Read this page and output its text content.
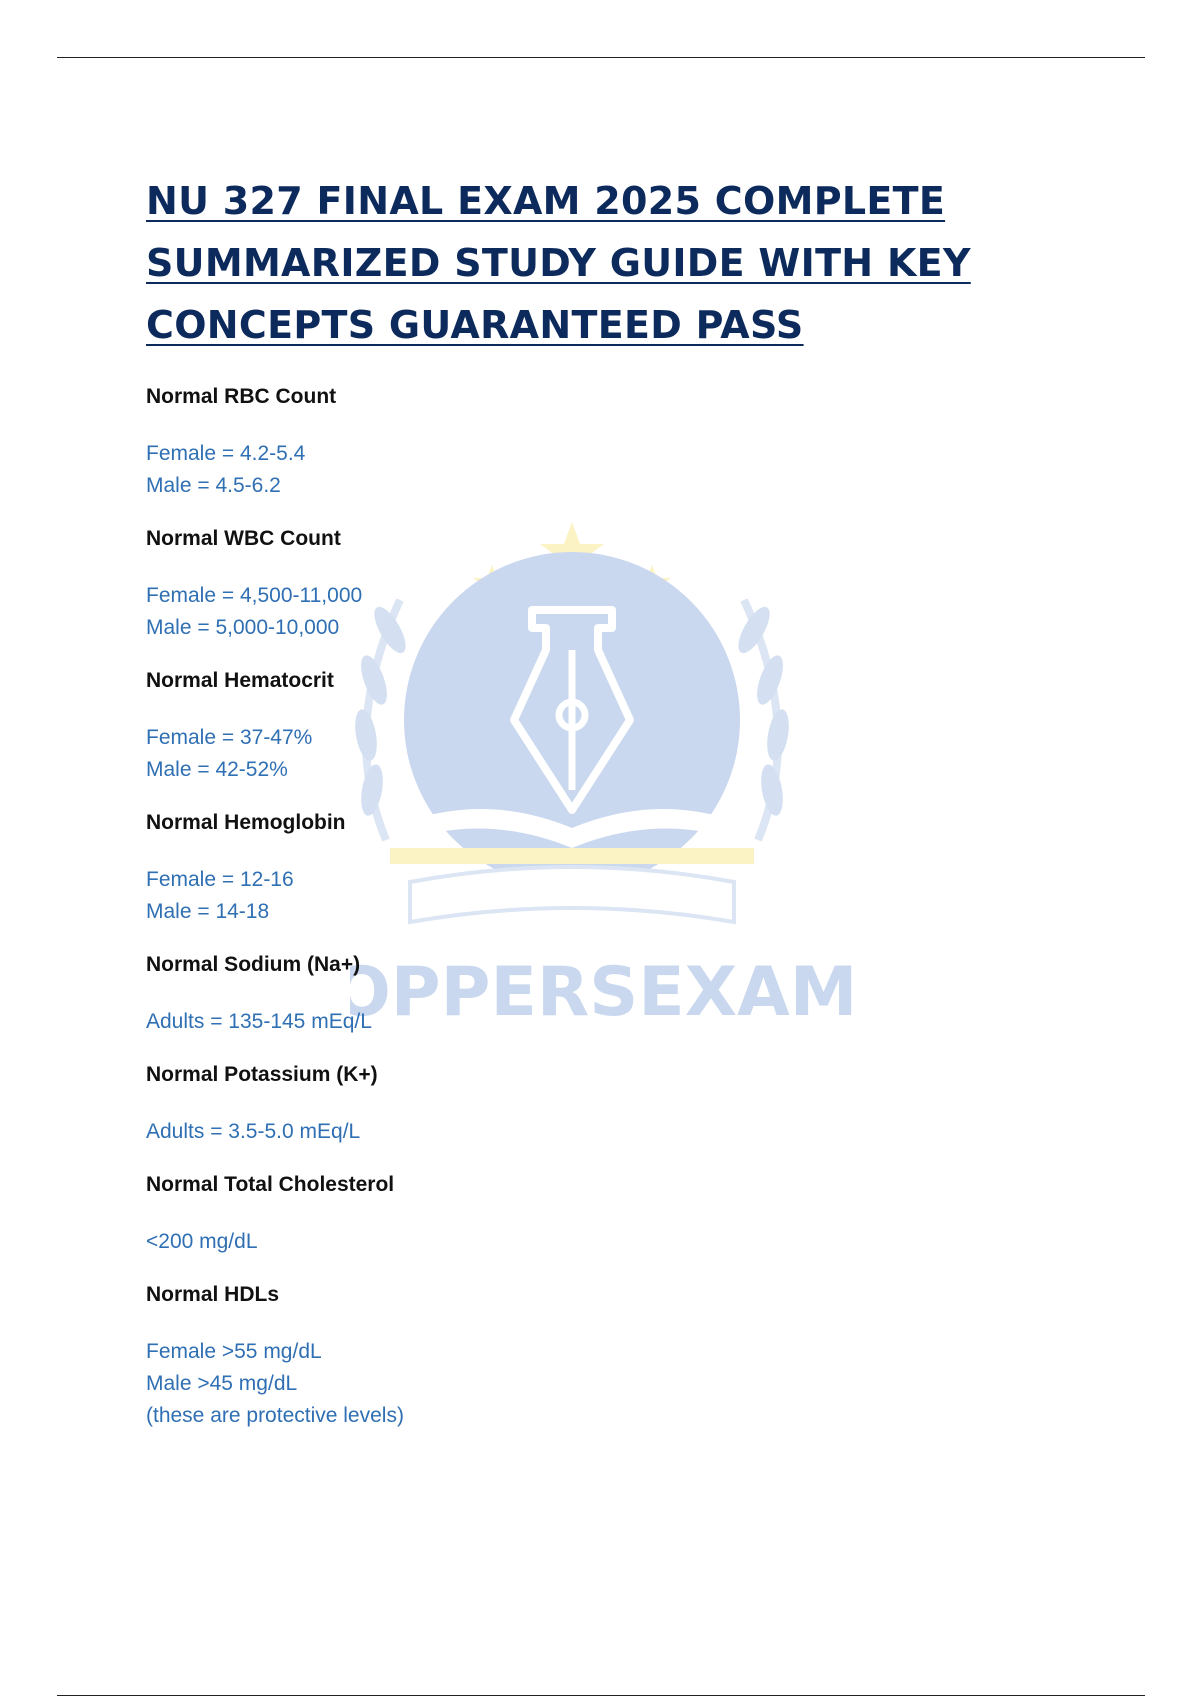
OPPERSEXAM
NU 327 FINAL EXAM 2025 COMPLETE
SUMMARIZED STUDY GUIDE WITH KEY
CONCEPTS GUARANTEED PASS
Normal RBC Count
Female = 4.2-5.4
Male = 4.5-6.2
Normal WBC Count
Female = 4,500-11,000
Male = 5,000-10,000
Normal Hematocrit
Female = 37-47%
Male = 42-52%
Normal Hemoglobin
Female = 12-16
Male = 14-18
Normal Sodium (Na+)
Adults = 135-145 mEq/L
Normal Potassium (K+)
Adults = 3.5-5.0 mEq/L
Normal Total Cholesterol
<200 mg/dL
Normal HDLs
Female >55 mg/dL
Male >45 mg/dL
(these are protective levels)
